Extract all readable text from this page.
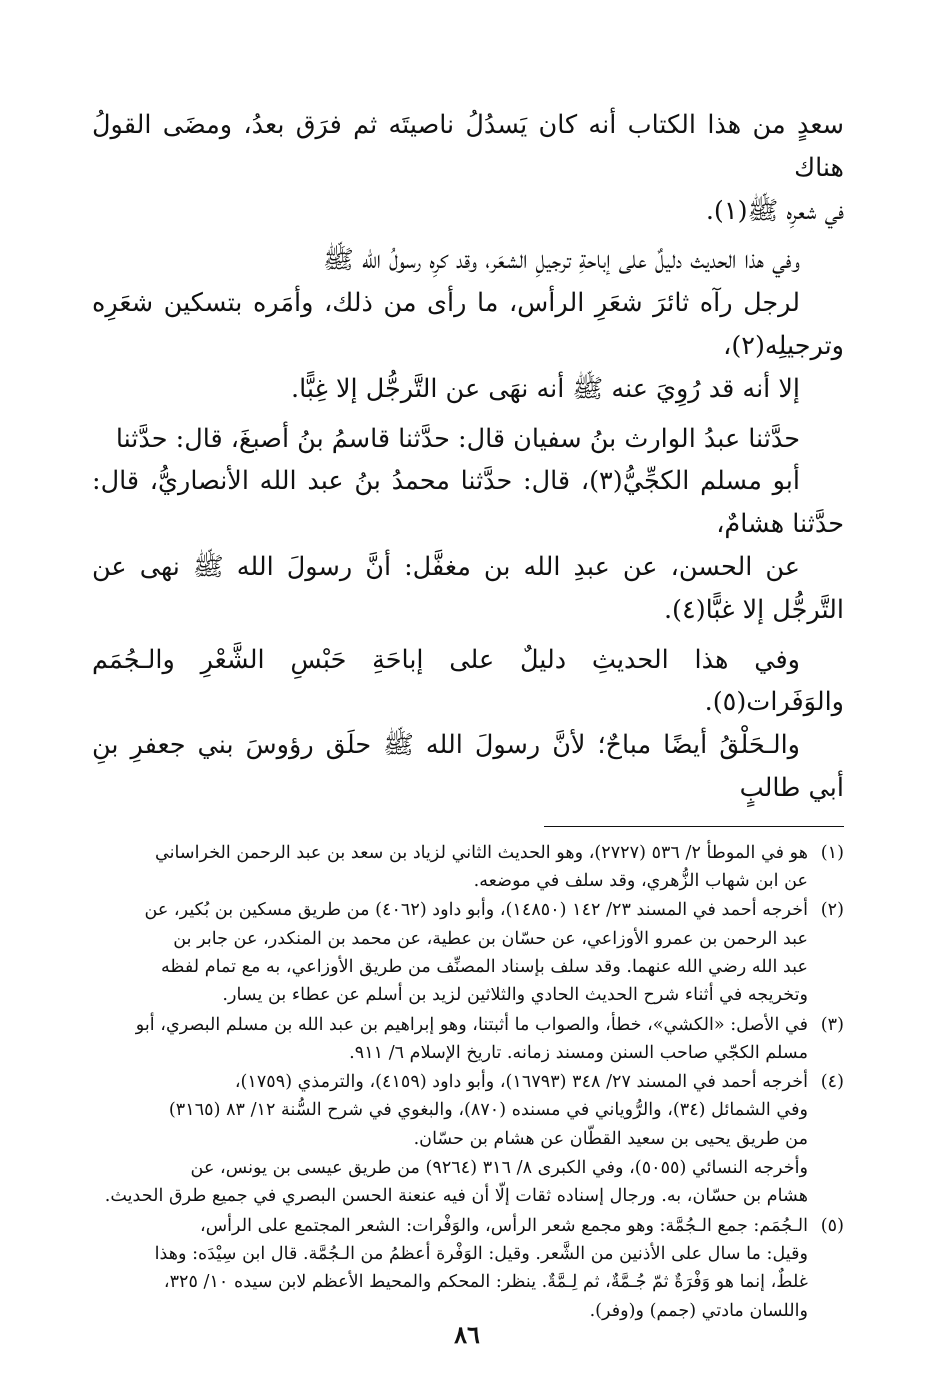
سعدٍ من هذا الكتاب أنه كان يَسدُلُ ناصيتَه ثم فرَق بعدُ، ومضَى القولُ هناك
في شعرِه ﷺ(١).

وفي هذا الحديث دليلٌ على إباحةِ ترجيلِ الشعَر، وقد كرِه رسولُ الله ﷺ
لرجل رآه ثائرَ شعَرِ الرأس، ما رأى من ذلك، وأمَره بتسكين شعَرِه وترجيلِه(٢)،
إلا أنه قد رُوِيَ عنه ﷺ أنه نهَى عن التَّرجُّل إلا غِبًّا.

حدَّثنا عبدُ الوارث بنُ سفيان قال: حدَّثنا قاسمُ بنُ أصبغَ، قال: حدَّثنا
أبو مسلم الكجِّيُّ(٣)، قال: حدَّثنا محمدُ بنُ عبد الله الأنصاريُّ، قال: حدَّثنا هشامٌ،
عن الحسن، عن عبدِ الله بن مغفَّل: أنَّ رسولَ الله ﷺ نهى عن التَّرجُّل إلا غبًّا(٤).

وفي هذا الحديثِ دليلٌ على إباحَةِ حَبْسِ الشَّعْرِ والـجُمَم والوَفَرات(٥).
والـحَلْقُ أيضًا مباحٌ؛ لأنَّ رسولَ الله ﷺ حلَق رؤوسَ بني جعفرِ بنِ أبي طالبٍ

(١)
هو في الموطأ ٢/ ٥٣٦ (٢٧٢٧)، وهو الحديث الثاني لزياد بن سعد بن عبد الرحمن الخراساني
عن ابن شهاب الزُّهري، وقد سلف في موضعه.
(٢)
أخرجه أحمد في المسند ٢٣/ ١٤٢ (١٤٨٥٠)، وأبو داود (٤٠٦٢) من طريق مسكين بن بُكير، عن
عبد الرحمن بن عمرو الأوزاعي، عن حسّان بن عطية، عن محمد بن المنكدر، عن جابر بن
عبد الله رضي الله عنهما. وقد سلف بإسناد المصنِّف من طريق الأوزاعي، به مع تمام لفظه
وتخريجه في أثناء شرح الحديث الحادي والثلاثين لزيد بن أسلم عن عطاء بن يسار.
(٣)
في الأصل: «الكشي»، خطأ، والصواب ما أثبتنا، وهو إبراهيم بن عبد الله بن مسلم البصري، أبو
مسلم الكجّي صاحب السنن ومسند زمانه. تاريخ الإسلام ٦/ ٩١١.
(٤)
أخرجه أحمد في المسند ٢٧/ ٣٤٨ (١٦٧٩٣)، وأبو داود (٤١٥٩)، والترمذي (١٧٥٩)،
وفي الشمائل (٣٤)، والرُّوياني في مسنده (٨٧٠)، والبغوي في شرح السُّنة ١٢/ ٨٣ (٣١٦٥)
من طريق يحيى بن سعيد القطّان عن هشام بن حسّان.
وأخرجه النسائي (٥٠٥٥)، وفي الكبرى ٨/ ٣١٦ (٩٢٦٤) من طريق عيسى بن يونس، عن
هشام بن حسّان، به. ورجال إسناده ثقات إلّا أن فيه عنعنة الحسن البصري في جميع طرق الحديث.
(٥)
الـجُمَم: جمع الـجُمَّة: وهو مجمع شعر الرأس، والوَفْرات: الشعر المجتمع على الرأس،
وقيل: ما سال على الأذنين من الشَّعر. وقيل: الوَفْرة أعظمُ من الـجُمَّة. قال ابن سِيْدَه: وهذا
غلطٌ، إنما هو وَفْرَةٌ ثمّ جُـمَّةٌ، ثم لِـمَّةٌ. ينظر: المحكم والمحيط الأعظم لابن سيده ١٠/ ٣٢٥،
واللسان مادتي (جمم) و(وفر).
٨٦
